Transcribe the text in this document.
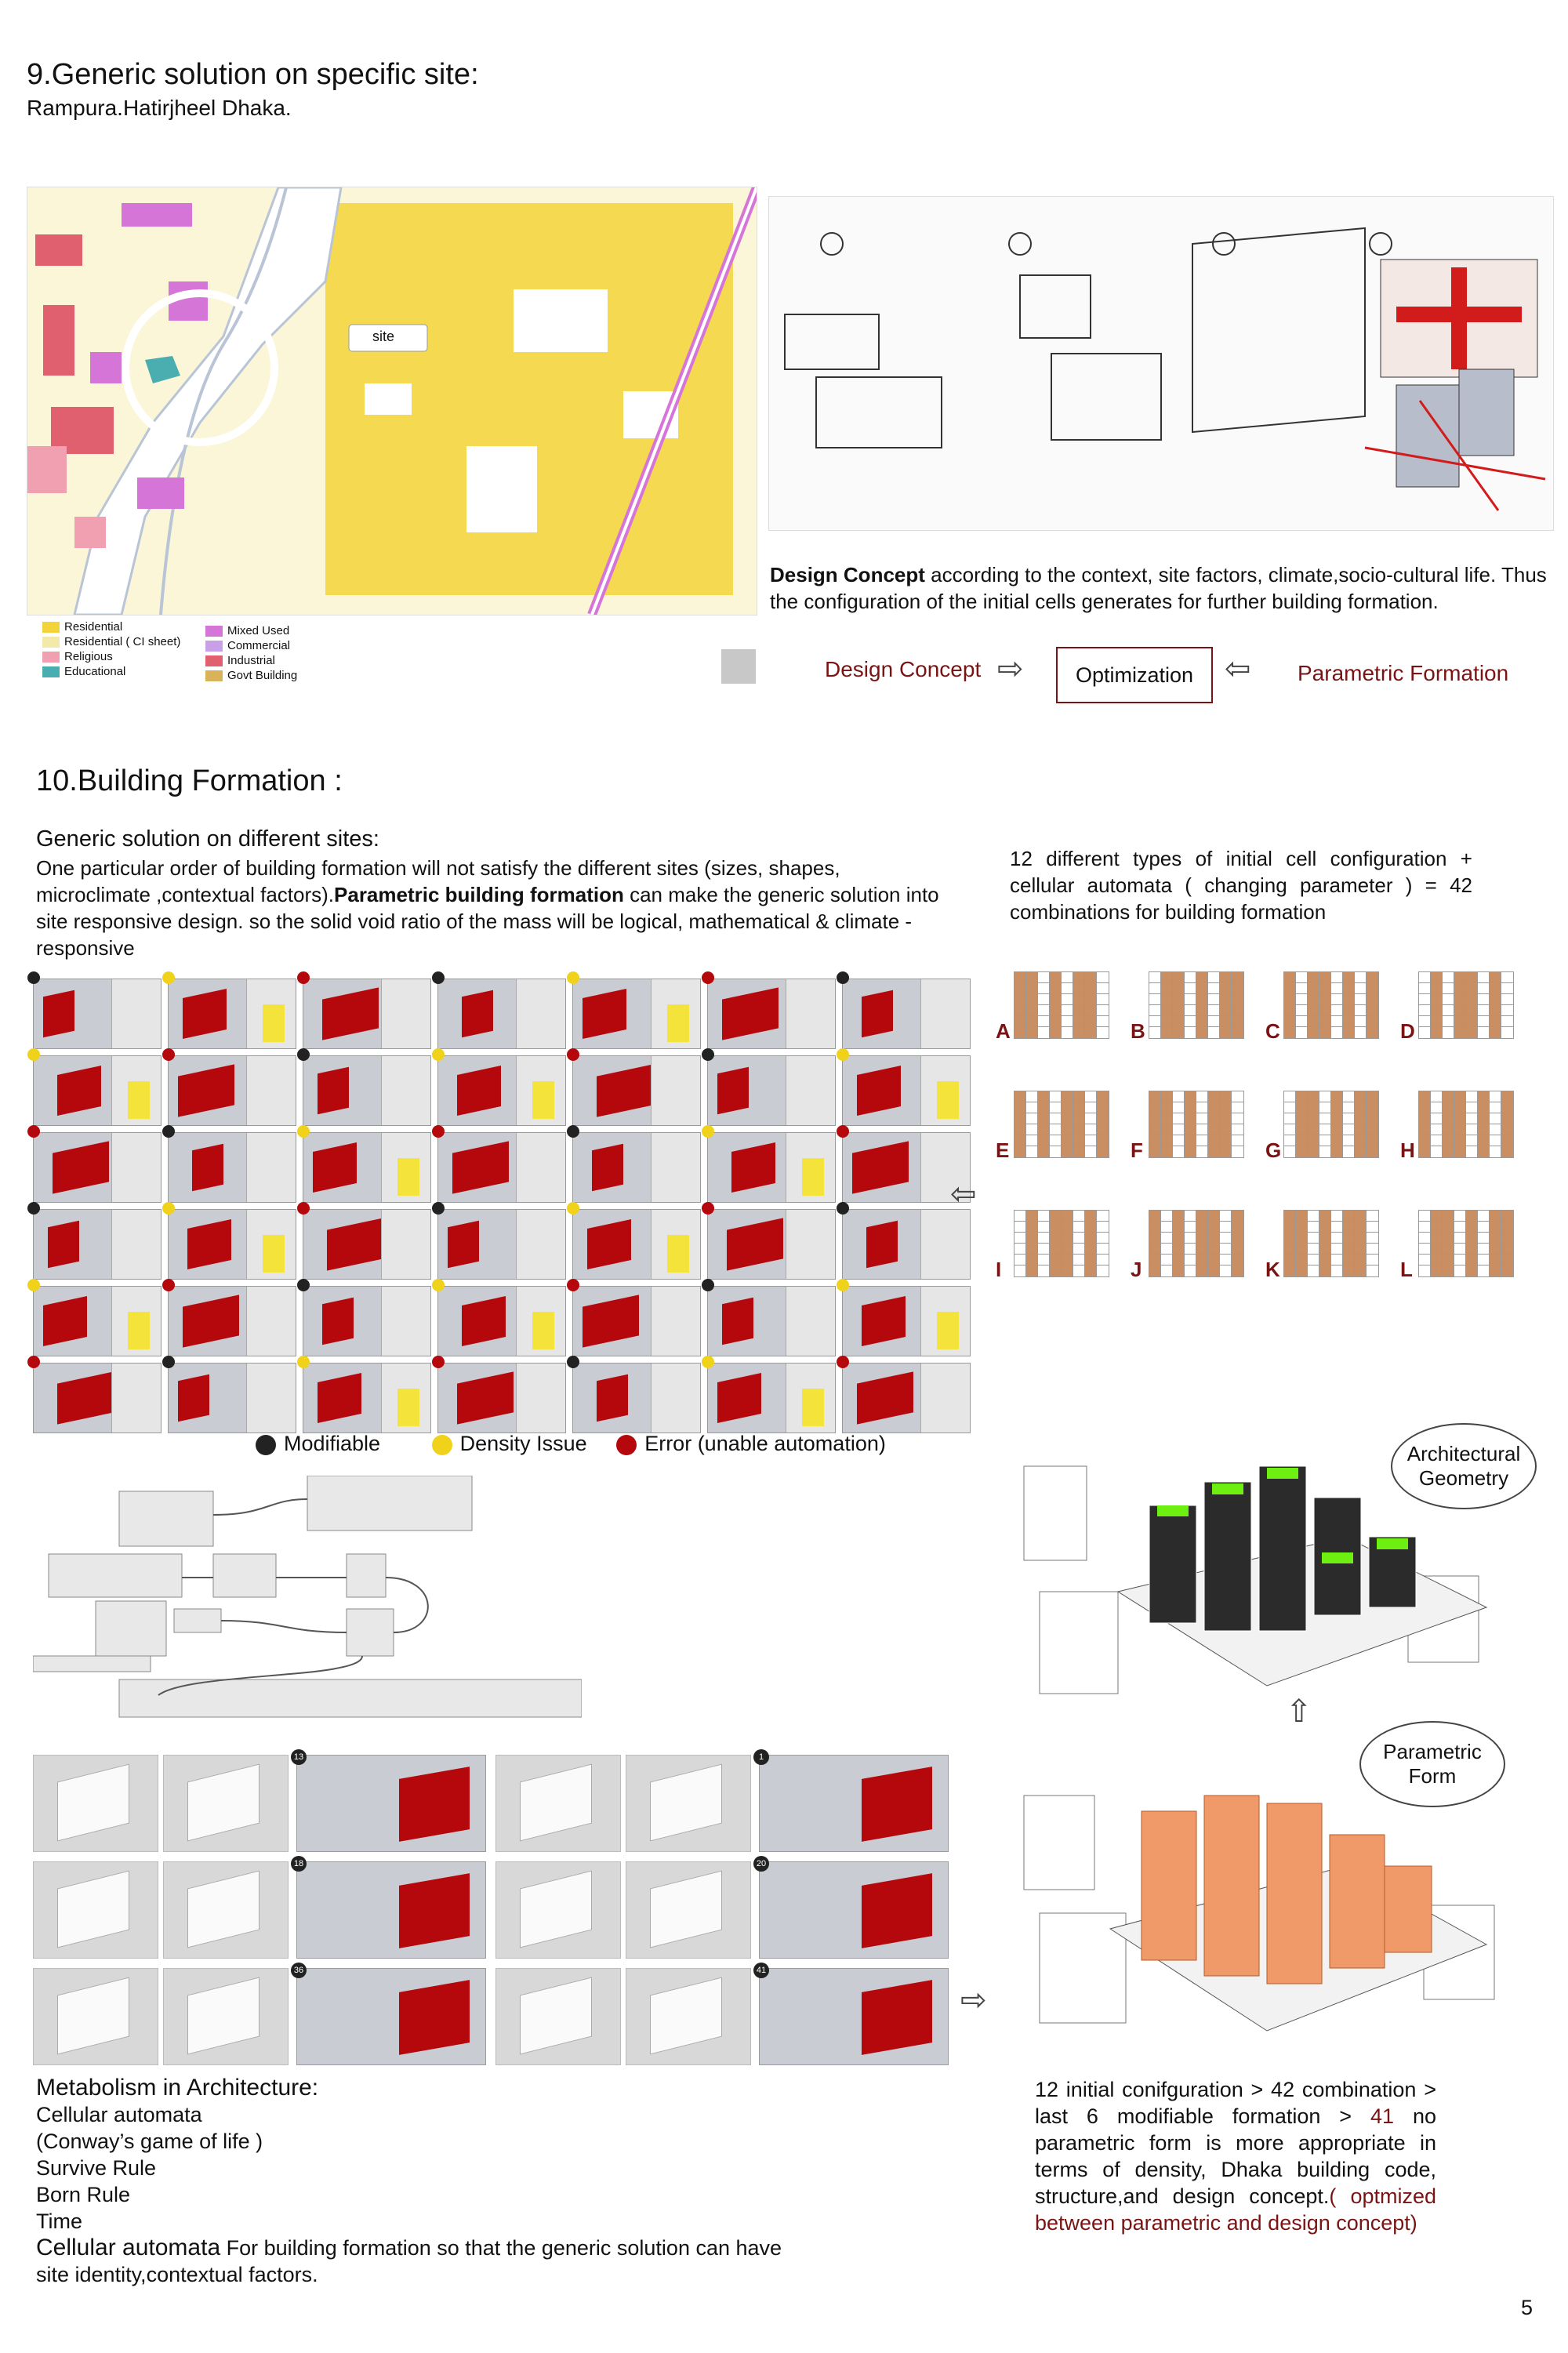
9.Generic solution on specific site:
Rampura.Hatirjheel Dhaka.
site
Residential
Residential ( CI sheet)
Religious
Educational
Mixed Used
Commercial
Industrial
Govt Building
Design Concept according to the context, site factors, climate,socio-cultural life. Thus the configuration of the initial cells generates for further building formation.
Design Concept ⇨	Optimization ⇦ Parametric Formation
10.Building Formation :
Generic solution on different sites:
One particular order of building formation will not satisfy the different sites (sizes, shapes, microclimate ,contextual factors).Parametric building formation can make the generic solution into site responsive design. so the solid void ratio of the mass will be logical, mathematical & climate - responsive
12 different types of initial cell configuration + cellular automata ( changing parameter ) = 42 combinations for building formation
Modifiable	Density Issue	Error (unable automation)
⇦
A	B	C	D
E	F	G	H
I	J	K	L
13	1
18	20
36	41
⇨
Architectural Geometry
⇧
Parametric Form
Metabolism in Architecture:
Cellular automata
(Conway’s game of life )
Survive Rule
Born Rule
Time
Cellular automata For building formation so that the generic solution can have site identity,contextual factors.
12 initial conifguration > 42 combination > last 6 modifiable formation > 41 no parametric form is more appropriate in terms of density, Dhaka building code, structure,and design concept.( optmized between parametric and design concept)
5
